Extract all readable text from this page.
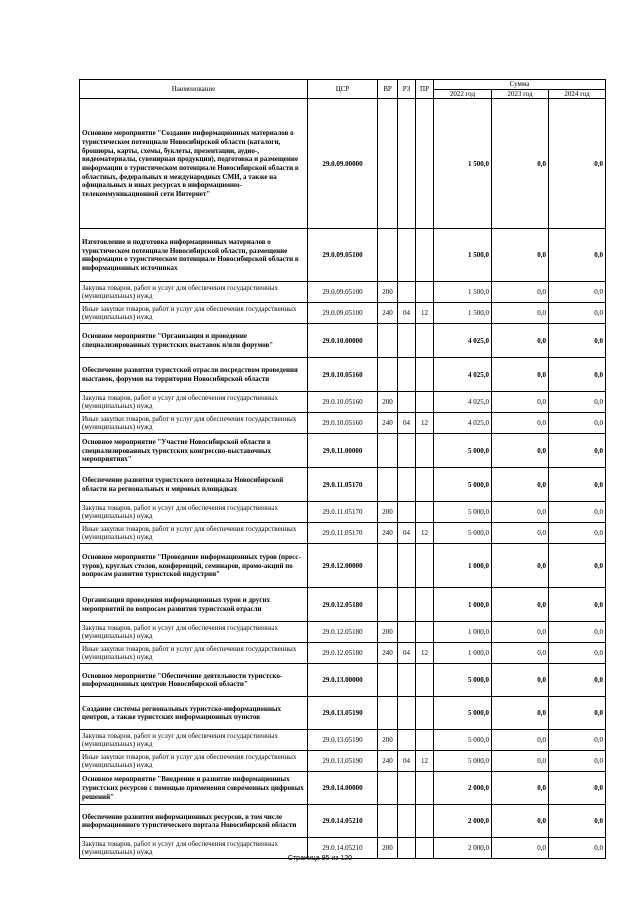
Наименование	ЦСР	ВР	РЗ	ПР	Сумма		
					2022 год	2023 год	2024 год
Основное мероприятие "Создание информационных материалов о туристическом потенциале Новосибирской области (каталоги, брошюры, карты, схемы, буклеты, презентации, аудио-, видеоматериалы, сувенирная продукция), подготовка и размещение информации о туристическом потенциале Новосибирской области в областных, федеральных и международных СМИ, а также на официальных и иных ресурсах в информационно-телекоммуникационной сети Интернет"	29.0.09.00000				1 500,0	0,0	0,0
Изготовление и подготовка информационных материалов о туристическом потенциале Новосибирской области, размещение информации о туристическом потенциале Новосибирской области в информационных источниках	29.0.09.05100				1 500,0	0,0	0,0
Закупка товаров, работ и услуг для обеспечения государственных (муниципальных) нужд	29.0.09.05100	200			1 500,0	0,0	0,0
Иные закупки товаров, работ и услуг для обеспечения государственных (муниципальных) нужд	29.0.09.05100	240	04	12	1 500,0	0,0	0,0
Основное мероприятие "Организация и проведение специализированных туристских выставок и/или форумов"	29.0.10.00000				4 025,0	0,0	0,0
Обеспечение развития туристской отрасли посредством проведения выставок, форумов на территории Новосибирской области	29.0.10.05160				4 025,0	0,0	0,0
Закупка товаров, работ и услуг для обеспечения государственных (муниципальных) нужд	29.0.10.05160	200			4 025,0	0,0	0,0
Иные закупки товаров, работ и услуг для обеспечения государственных (муниципальных) нужд	29.0.10.05160	240	04	12	4 025,0	0,0	0,0
Основное мероприятие "Участие Новосибирской области в специализированных туристских конгрессно-выставочных мероприятиях"	29.0.11.00000				5 000,0	0,0	0,0
Обеспечение развития туристского потенциала Новосибирской области на региональных и мировых площадках	29.0.11.05170				5 000,0	0,0	0,0
Закупка товаров, работ и услуг для обеспечения государственных (муниципальных) нужд	29.0.11.05170	200			5 000,0	0,0	0,0
Иные закупки товаров, работ и услуг для обеспечения государственных (муниципальных) нужд	29.0.11.05170	240	04	12	5 000,0	0,0	0,0
Основное мероприятие "Проведение информационных туров (пресс-туров), круглых столов, конференций, семинаров, промо-акций по вопросам развития туристской индустрии"	29.0.12.00000				1 000,0	0,0	0,0
Организация проведения информационных туров и других мероприятий по вопросам развития туристской отрасли	29.0.12.05180				1 000,0	0,0	0,0
Закупка товаров, работ и услуг для обеспечения государственных (муниципальных) нужд	29.0.12.05180	200			1 000,0	0,0	0,0
Иные закупки товаров, работ и услуг для обеспечения государственных (муниципальных) нужд	29.0.12.05180	240	04	12	1 000,0	0,0	0,0
Основное мероприятие "Обеспечение деятельности туристско-информационных центров Новосибирской области"	29.0.13.00000				5 000,0	0,0	0,0
Создание системы региональных туристско-информационных центров, а также туристских информационных пунктов	29.0.13.05190				5 000,0	0,0	0,0
Закупка товаров, работ и услуг для обеспечения государственных (муниципальных) нужд	29.0.13.05190	200			5 000,0	0,0	0,0
Иные закупки товаров, работ и услуг для обеспечения государственных (муниципальных) нужд	29.0.13.05190	240	04	12	5 000,0	0,0	0,0
Основное мероприятие "Внедрение и развитие информационных туристских ресурсов с помощью применения современных цифровых решений"	29.0.14.00000				2 000,0	0,0	0,0
Обеспечение развития информационных ресурсов, в том числе информационного туристического портала Новосибирской области	29.0.14.05210				2 000,0	0,0	0,0
Закупка товаров, работ и услуг для обеспечения государственных (муниципальных) нужд	29.0.14.05210	200			2 000,0	0,0	0,0
Страница 95 из 120
